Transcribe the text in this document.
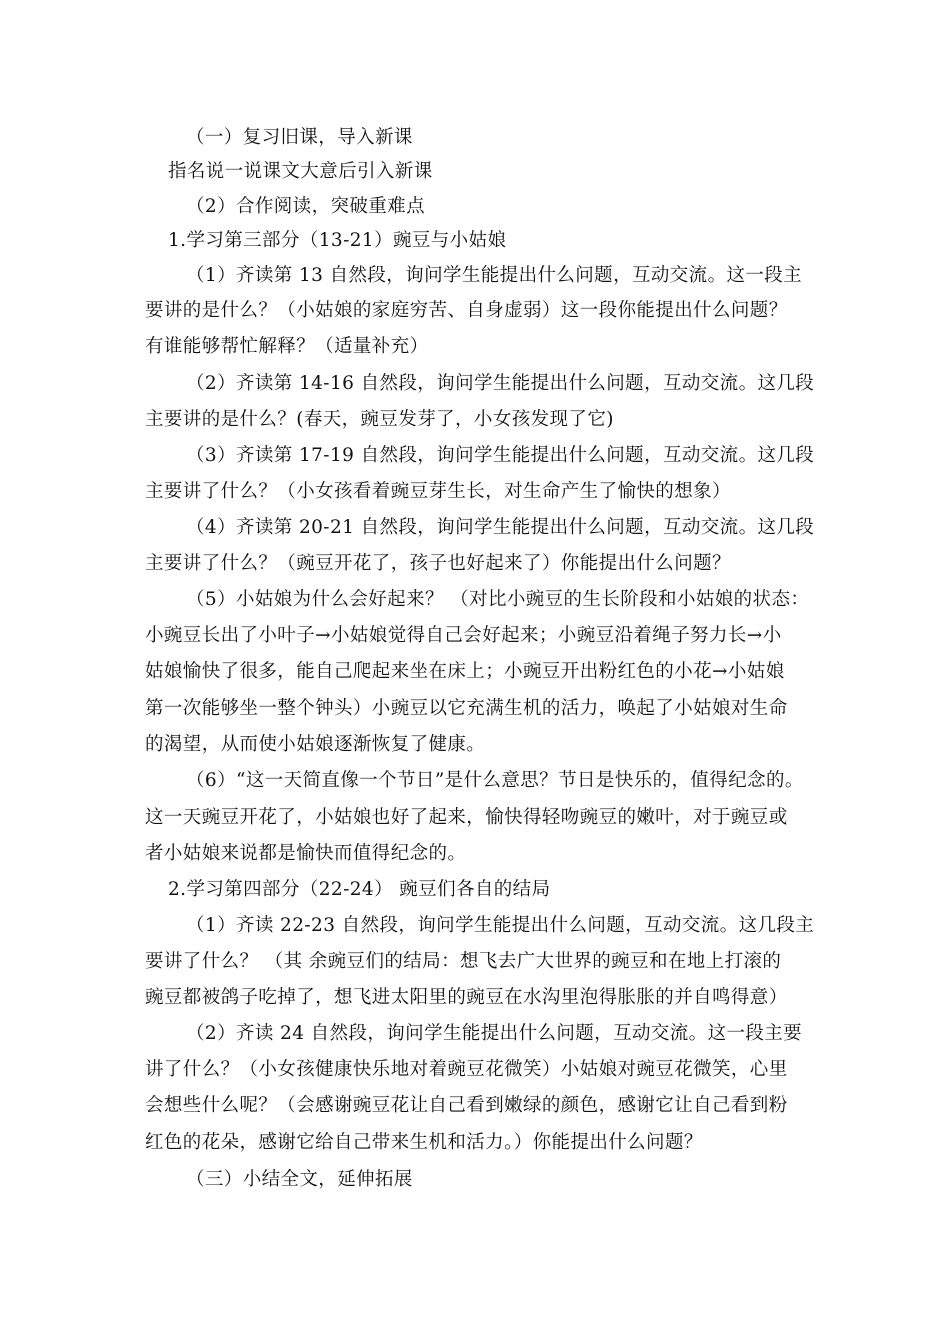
（一）复习旧课，导入新课

指名说一说课文大意后引入新课

（2）合作阅读，突破重难点

1.学习第三部分（13-21）豌豆与小姑娘

（1）齐读第 13 自然段，询问学生能提出什么问题，互动交流。这一段主

要讲的是什么？（小姑娘的家庭穷苦、自身虚弱）这一段你能提出什么问题？

有谁能够帮忙解释？（适量补充）

（2）齐读第 14-16 自然段，询问学生能提出什么问题，互动交流。这几段

主要讲的是什么？(春天，豌豆发芽了，小女孩发现了它)

（3）齐读第 17-19 自然段，询问学生能提出什么问题，互动交流。这几段

主要讲了什么？（小女孩看着豌豆芽生长，对生命产生了愉快的想象）

（4）齐读第 20-21 自然段，询问学生能提出什么问题，互动交流。这几段

主要讲了什么？（豌豆开花了，孩子也好起来了）你能提出什么问题？

（5）小姑娘为什么会好起来？ （对比小豌豆的生长阶段和小姑娘的状态：

小豌豆长出了小叶子→小姑娘觉得自己会好起来；小豌豆沿着绳子努力长→小

姑娘愉快了很多，能自己爬起来坐在床上；小豌豆开出粉红色的小花→小姑娘

第一次能够坐一整个钟头）小豌豆以它充满生机的活力，唤起了小姑娘对生命

的渴望，从而使小姑娘逐渐恢复了健康。

（6）“这一天简直像一个节日”是什么意思？节日是快乐的，值得纪念的。

这一天豌豆开花了，小姑娘也好了起来，愉快得轻吻豌豆的嫩叶，对于豌豆或

者小姑娘来说都是愉快而值得纪念的。

2.学习第四部分（22-24） 豌豆们各自的结局

（1）齐读 22-23 自然段，询问学生能提出什么问题，互动交流。这几段主

要讲了什么？ （其 余豌豆们的结局：想飞去广大世界的豌豆和在地上打滚的

豌豆都被鸽子吃掉了，想飞进太阳里的豌豆在水沟里泡得胀胀的并自鸣得意）

（2）齐读 24 自然段，询问学生能提出什么问题，互动交流。这一段主要

讲了什么？（小女孩健康快乐地对着豌豆花微笑）小姑娘对豌豆花微笑，心里

会想些什么呢？（会感谢豌豆花让自己看到嫩绿的颜色，感谢它让自己看到粉

红色的花朵，感谢它给自己带来生机和活力。）你能提出什么问题？

（三）小结全文，延伸拓展
